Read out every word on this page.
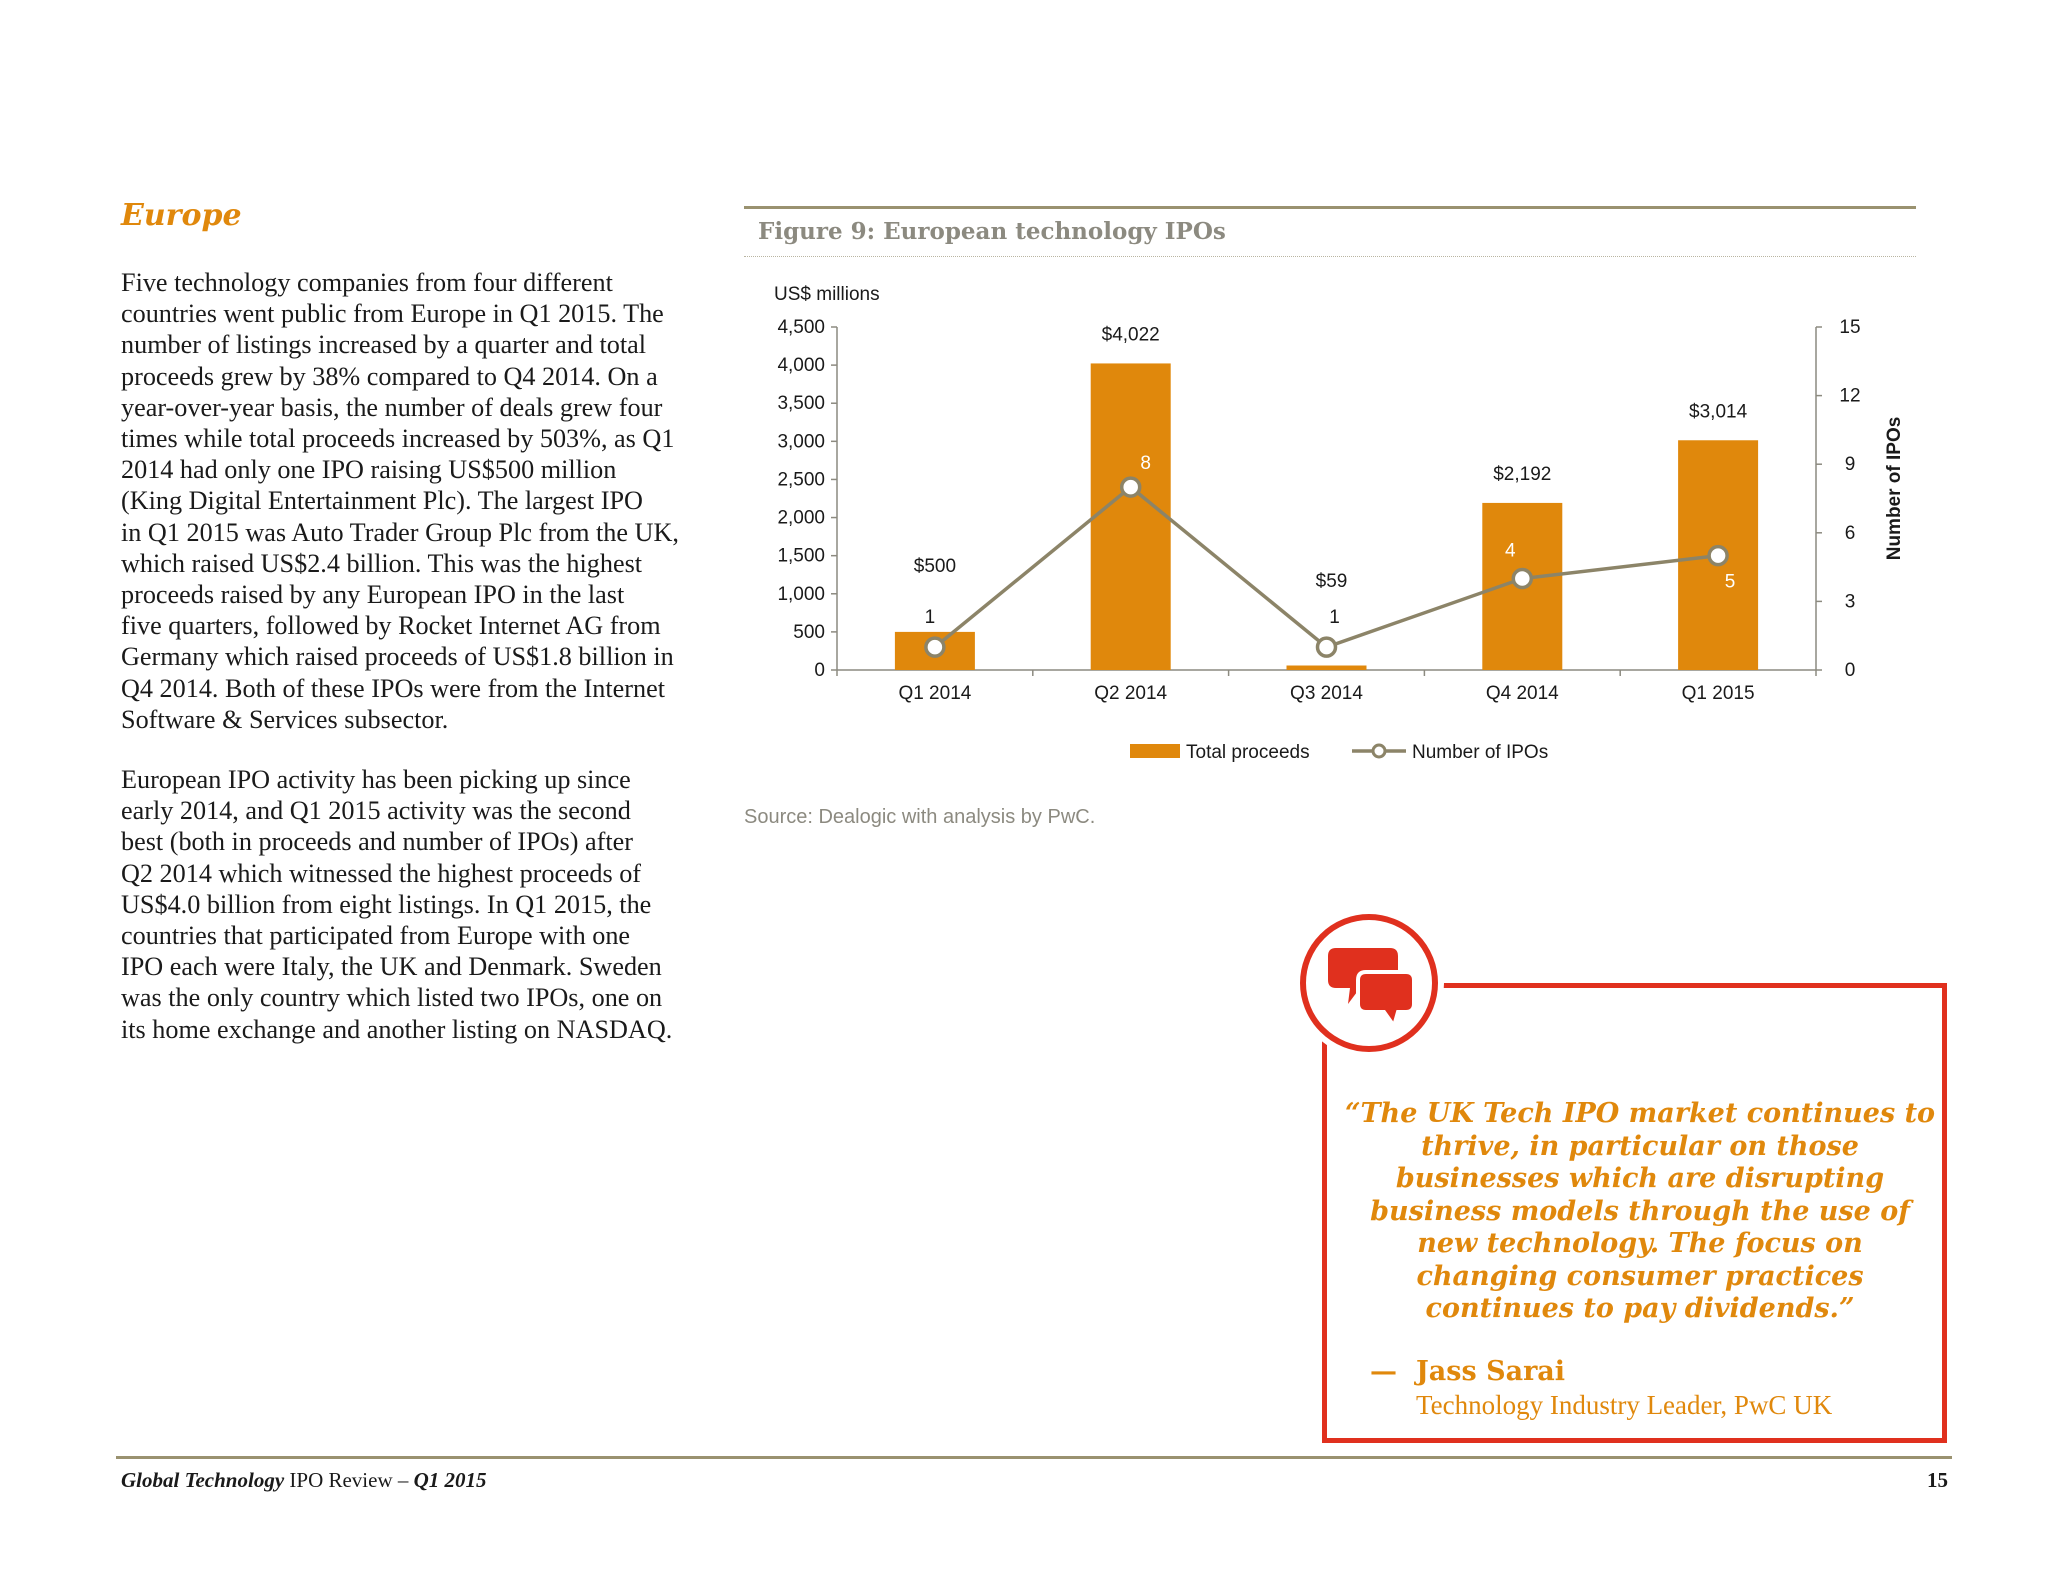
Europe

Five technology companies from four different
countries went public from Europe in Q1 2015. The
number of listings increased by a quarter and total
proceeds grew by 38% compared to Q4 2014. On a
year-over-year basis, the number of deals grew four
times while total proceeds increased by 503%, as Q1
2014 had only one IPO raising US$500 million
(King Digital Entertainment Plc). The largest IPO
in Q1 2015 was Auto Trader Group Plc from the UK,
which raised US$2.4 billion. This was the highest
proceeds raised by any European IPO in the last
five quarters, followed by Rocket Internet AG from
Germany which raised proceeds of US$1.8 billion in
Q4 2014. Both of these IPOs were from the Internet
Software & Services subsector.

European IPO activity has been picking up since
early 2014, and Q1 2015 activity was the second
best (both in proceeds and number of IPOs) after
Q2 2014 which witnessed the highest proceeds of
US$4.0 billion from eight listings. In Q1 2015, the
countries that participated from Europe with one
IPO each were Italy, the UK and Denmark. Sweden
was the only country which listed two IPOs, one on
its home exchange and another listing on NASDAQ.

Figure 9: European technology IPOs

4,500
4,000
3,500
3,000
2,500
2,000
1,500
1,000
500
0
15
12
9
6
3
0
US$ millions
Number of IPOs
Q1 2014	Q2 2014	Q3 2014	Q4 2014	Q1 2015
$500
$4,022
$59
$2,192
$3,014
1
8
1
4
5
Total proceeds	Number of IPOs

Source: Dealogic with analysis by PwC.

“The UK Tech IPO market continues to
thrive, in particular on those
businesses which are disrupting
business models through the use of
new technology. The focus on
changing consumer practices
continues to pay dividends.”

— Jass Sarai

Technology Industry Leader, PwC UK

Global Technology IPO Review – Q1 2015	15
